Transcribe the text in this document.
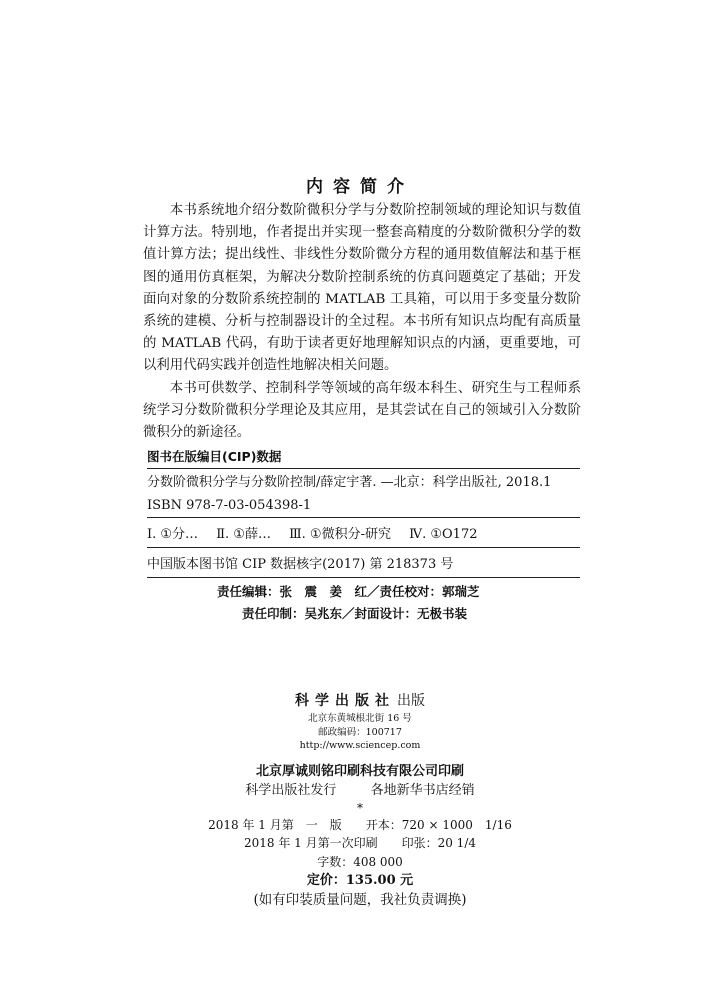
内容简介

本书系统地介绍分数阶微积分学与分数阶控制领域的理论知识与数值计算方法。特别地，作者提出并实现一整套高精度的分数阶微积分学的数值计算方法；提出线性、非线性分数阶微分方程的通用数值解法和基于框图的通用仿真框架，为解决分数阶控制系统的仿真问题奠定了基础；开发面向对象的分数阶系统控制的 MATLAB 工具箱，可以用于多变量分数阶系统的建模、分析与控制器设计的全过程。本书所有知识点均配有高质量的 MATLAB 代码，有助于读者更好地理解知识点的内涵，更重要地，可以利用代码实践并创造性地解决相关问题。

本书可供数学、控制科学等领域的高年级本科生、研究生与工程师系统学习分数阶微积分学理论及其应用，是其尝试在自己的领域引入分数阶微积分的新途径。

图书在版编目(CIP)数据
分数阶微积分学与分数阶控制/薛定宇著. —北京：科学出版社, 2018.1
ISBN 978-7-03-054398-1
Ⅰ. ①分… Ⅱ. ①薛… Ⅲ. ①微积分-研究 Ⅳ. ①O172
中国版本图书馆 CIP 数据核字(2017) 第 218373 号
责任编辑：张　震　姜　红／责任校对：郭瑞芝
责任印制：吴兆东／封面设计：无极书装
科学出版社 出版
北京东黄城根北街 16 号
邮政编码：100717
http://www.sciencep.com
北京厚诚则铭印刷科技有限公司印刷
科学出版社发行	各地新华书店经销
*
2018 年 1 月第　一　版　　开本：720 × 1000　1/16
2018 年 1 月第一次印刷　　印张：20 1/4
字数：408 000
定价：135.00 元
(如有印装质量问题，我社负责调换)
